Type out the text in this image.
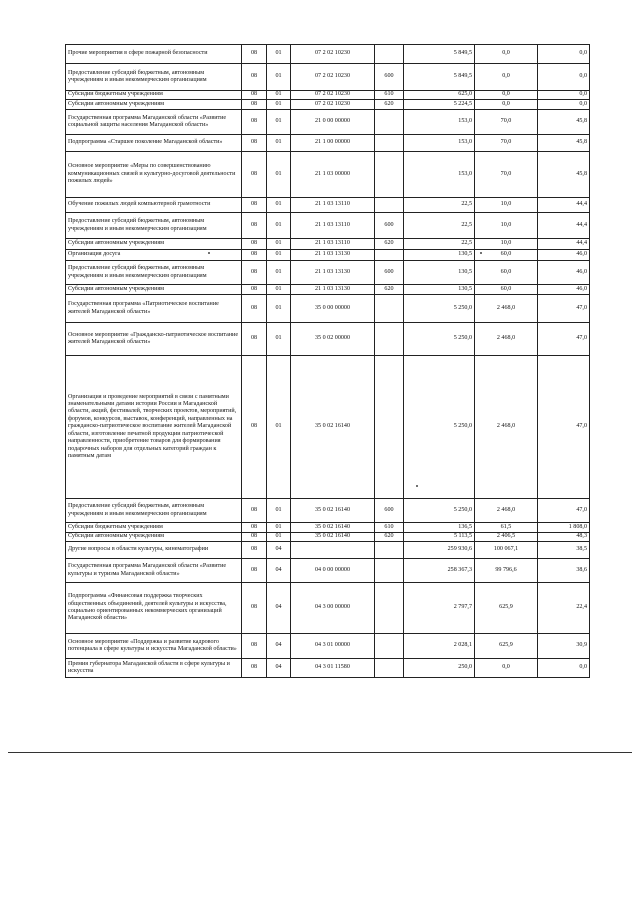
Прочие мероприятия в сфере пожарной безопасности	08	01	07 2 02 10230		5 849,5	0,0	0,0
Предоставление субсидий бюджетным, автономным учреждениям и иным некоммерческим организациям	08	01	07 2 02 10230	600	5 849,5	0,0	0,0
Субсидии бюджетным учреждениям	08	01	07 2 02 10230	610	625,0	0,0	0,0
Субсидии автономным учреждениям	08	01	07 2 02 10230	620	5 224,5	0,0	0,0
Государственная программа Магаданской области «Развитие социальной защиты населения Магаданской области»	08	01	21 0 00 00000		153,0	70,0	45,8
Подпрограмма «Старшее поколение Магаданской области»	08	01	21 1 00 00000		153,0	70,0	45,8
Основное мероприятие «Меры по совершенствованию коммуникационных связей и культурно-досуговой деятельности пожилых людей»	08	01	21 1 03 00000		153,0	70,0	45,8
Обучение пожилых людей компьютерной грамотности	08	01	21 1 03 13110		22,5	10,0	44,4
Предоставление субсидий бюджетным, автономным учреждениям и иным некоммерческим организациям	08	01	21 1 03 13110	600	22,5	10,0	44,4
Субсидии автономным учреждениям	08	01	21 1 03 13110	620	22,5	10,0	44,4
Организация досуга	08	01	21 1 03 13130		130,5	60,0	46,0
Предоставление субсидий бюджетным, автономным учреждениям и иным некоммерческим организациям	08	01	21 1 03 13130	600	130,5	60,0	46,0
Субсидии автономным учреждениям	08	01	21 1 03 13130	620	130,5	60,0	46,0
Государственная программа «Патриотическое воспитание жителей Магаданской области»	08	01	35 0 00 00000		5 250,0	2 468,0	47,0
Основное мероприятие «Гражданско-патриотическое воспитание жителей Магаданской области»	08	01	35 0 02 00000		5 250,0	2 468,0	47,0
Организация и проведение мероприятий в связи с памятными знаменательными датами истории России и Магаданской области, акций, фестивалей, творческих проектов, мероприятий, форумов, конкурсов, выставок, конференций, направленных на гражданско-патриотическое воспитание жителей Магаданской области, изготовление печатной продукции патриотической направленности, приобретение товаров для формирования подарочных наборов для отдельных категорий граждан к памятным датам	08	01	35 0 02 16140		5 250,0	2 468,0	47,0
Предоставление субсидий бюджетным, автономным учреждениям и иным некоммерческим организациям	08	01	35 0 02 16140	600	5 250,0	2 468,0	47,0
Субсидии бюджетным учреждениям	08	01	35 0 02 16140	610	136,5	61,5	1 808,0
Субсидии автономным учреждениям	08	01	35 0 02 16140	620	5 113,5	2 406,5	48,3
Другие вопросы в области культуры, кинематографии	08	04			259 930,6	100 067,1	38,5
Государственная программа Магаданской области «Развитие культуры и туризма Магаданской области»	08	04	04 0 00 00000		258 367,3	99 796,6	38,6
Подпрограмма «Финансовая поддержка творческих общественных объединений, деятелей культуры и искусства, социально ориентированных некоммерческих организаций Магаданской области»	08	04	04 3 00 00000		2 797,7	625,9	22,4
Основное мероприятие «Поддержка и развитие кадрового потенциала в сфере культуры и искусства Магаданской области»	08	04	04 3 01 00000		2 028,1	625,9	30,9
Премия губернатора Магаданской области в сфере культуры и искусства	08	04	04 3 01 11580		250,0	0,0	0,0
